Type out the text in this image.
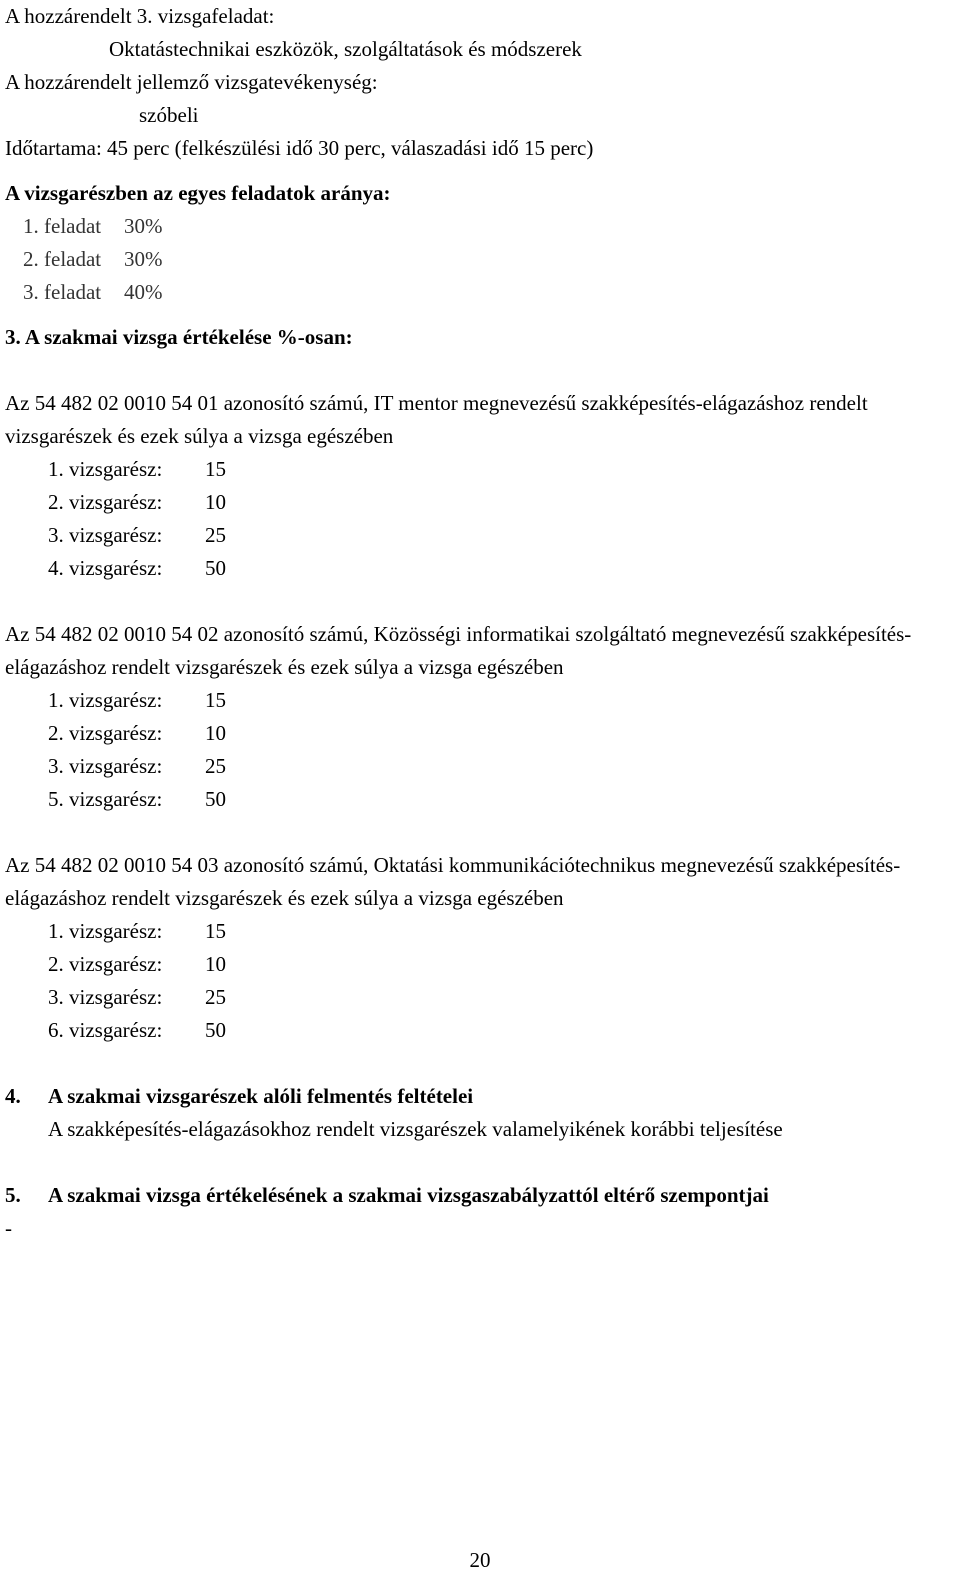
A hozzárendelt 3. vizsgafeladat:
Oktatástechnikai eszközök, szolgáltatások és módszerek
A hozzárendelt jellemző vizsgatevékenység:
szóbeli
Időtartama: 45 perc (felkészülési idő 30 perc, válaszadási idő 15 perc)
A vizsgarészben az egyes feladatok aránya:
1. feladat 30%
2. feladat 30%
3. feladat 40%
3. A szakmai vizsga értékelése %-osan:
Az 54 482 02 0010 54 01 azonosító számú, IT mentor megnevezésű szakképesítés-elágazáshoz rendelt vizsgarészek és ezek súlya a vizsga egészében
1. vizsgarész: 15
2. vizsgarész: 10
3. vizsgarész: 25
4. vizsgarész: 50
Az 54 482 02 0010 54 02 azonosító számú, Közösségi informatikai szolgáltató megnevezésű szakképesítés-elágazáshoz rendelt vizsgarészek és ezek súlya a vizsga egészében
1. vizsgarész: 15
2. vizsgarész: 10
3. vizsgarész: 25
5. vizsgarész: 50
Az 54 482 02 0010 54 03 azonosító számú, Oktatási kommunikációtechnikus megnevezésű szakképesítés-elágazáshoz rendelt vizsgarészek és ezek súlya a vizsga egészében
1. vizsgarész: 15
2. vizsgarész: 10
3. vizsgarész: 25
6. vizsgarész: 50
4. A szakmai vizsgarészek alóli felmentés feltételei
A szakképesítés-elágazásokhoz rendelt vizsgarészek valamelyikének korábbi teljesítése
5. A szakmai vizsga értékelésének a szakmai vizsgaszabályzattól eltérő szempontjai
-
20
